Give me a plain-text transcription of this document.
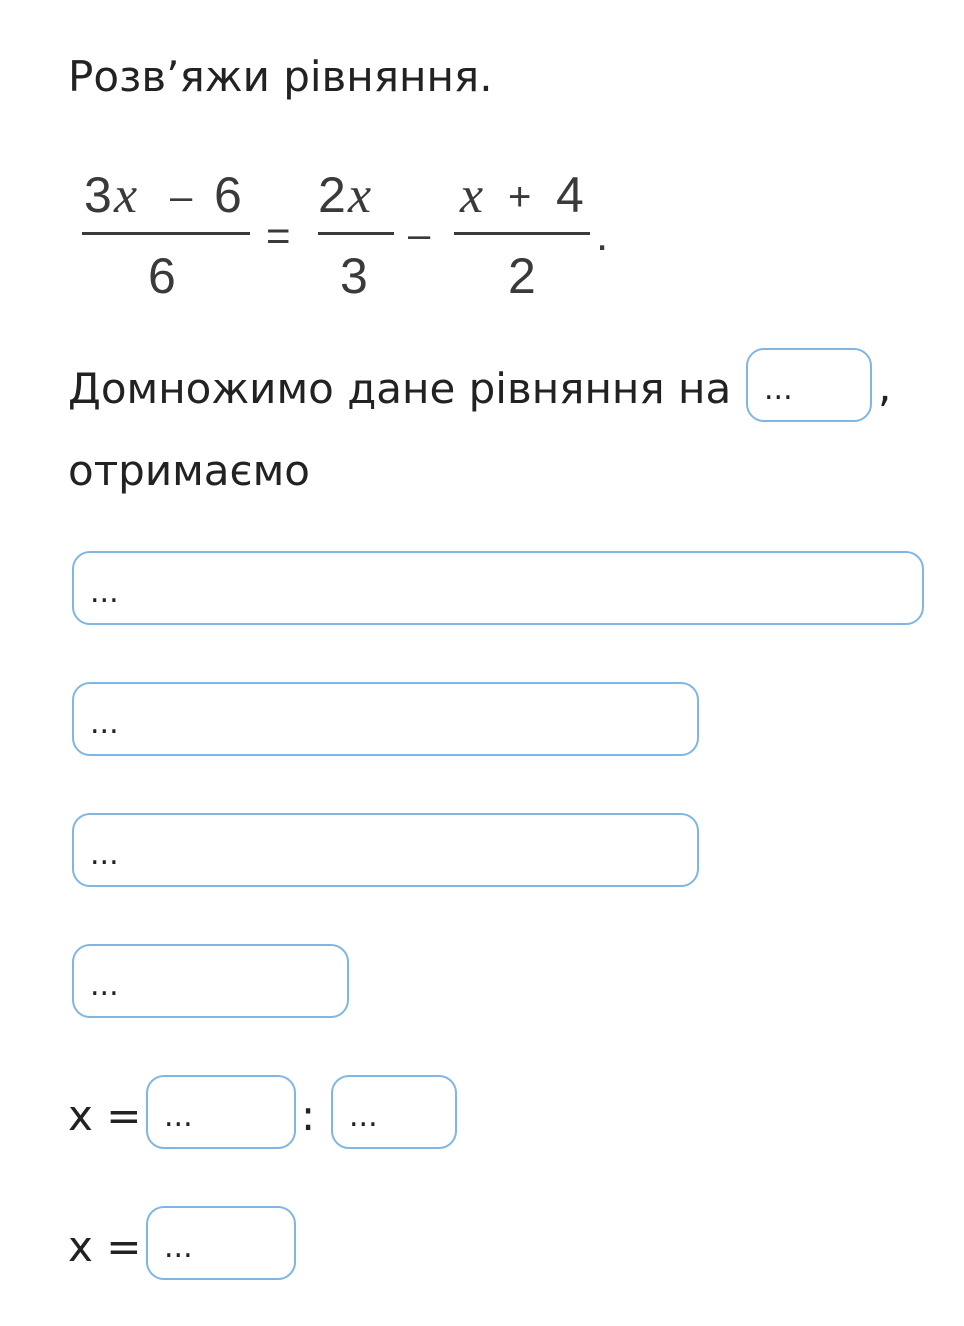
Розв’яжи рівняння.
3 x – 6
6
=
2 x
3
–
x + 4
2
.
Домножимо дане рівняння на ... ,
отримаємо
...
...
...
...
x = ...	: ...
x = ...
